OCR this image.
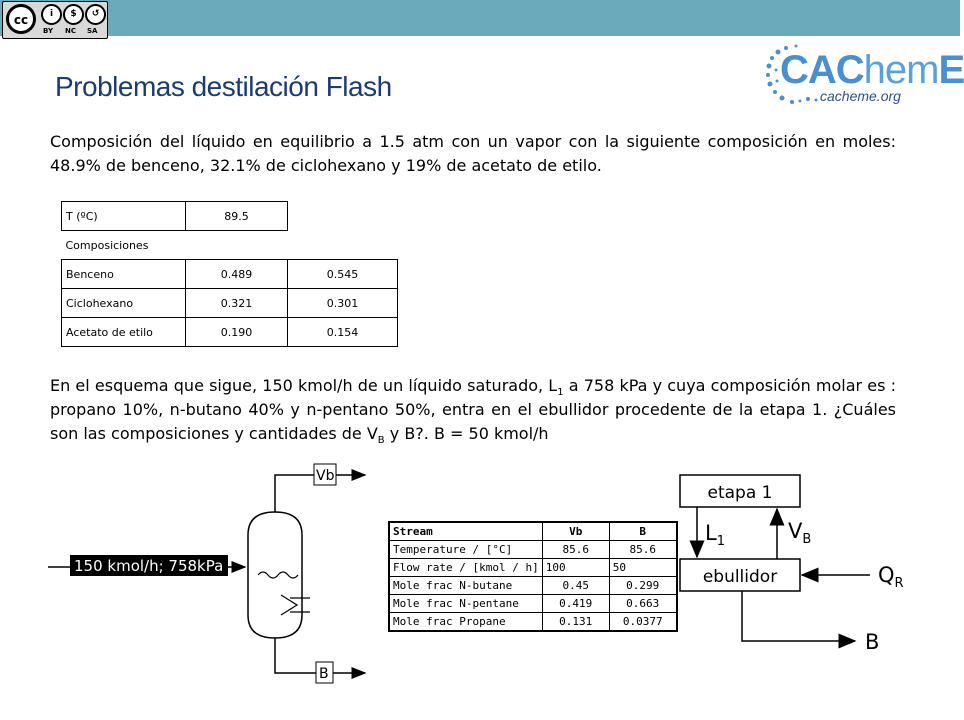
cc	i	$	↺
BY NC SA
Problemas destilación Flash	CAChemE
cacheme.org
Composición del líquido en equilibrio a 1.5 atm con un vapor con la siguiente composición en moles: 48.9% de benceno, 32.1% de ciclohexano y 19% de acetato de etilo.
T (ºC)	89.5	
Composiciones		
Benceno	0.489	0.545
Ciclohexano	0.321	0.301
Acetato de etilo	0.190	0.154
En el esquema que sigue, 150 kmol/h de un líquido saturado, $L_1$ a 758 kPa y cuya composición molar es : propano 10%, n-butano 40% y n-pentano 50%, entra en el ebullidor procedente de la etapa 1. ¿Cuáles son las composiciones y cantidades de $V_B$ y B?. B = 50 kmol/h
150 kmol/h; 758kPa
Vb
B
Stream	Vb	B
Temperature / [°C]	85.6	85.6
Flow rate / [kmol / h]	100	50
Mole frac N-butane	0.45	0.299
Mole frac N-pentane	0.419	0.663
Mole frac Propane	0.131	0.0377
etapa 1
ebullidor
$L_1$	$V_B$
$Q_R$
B
